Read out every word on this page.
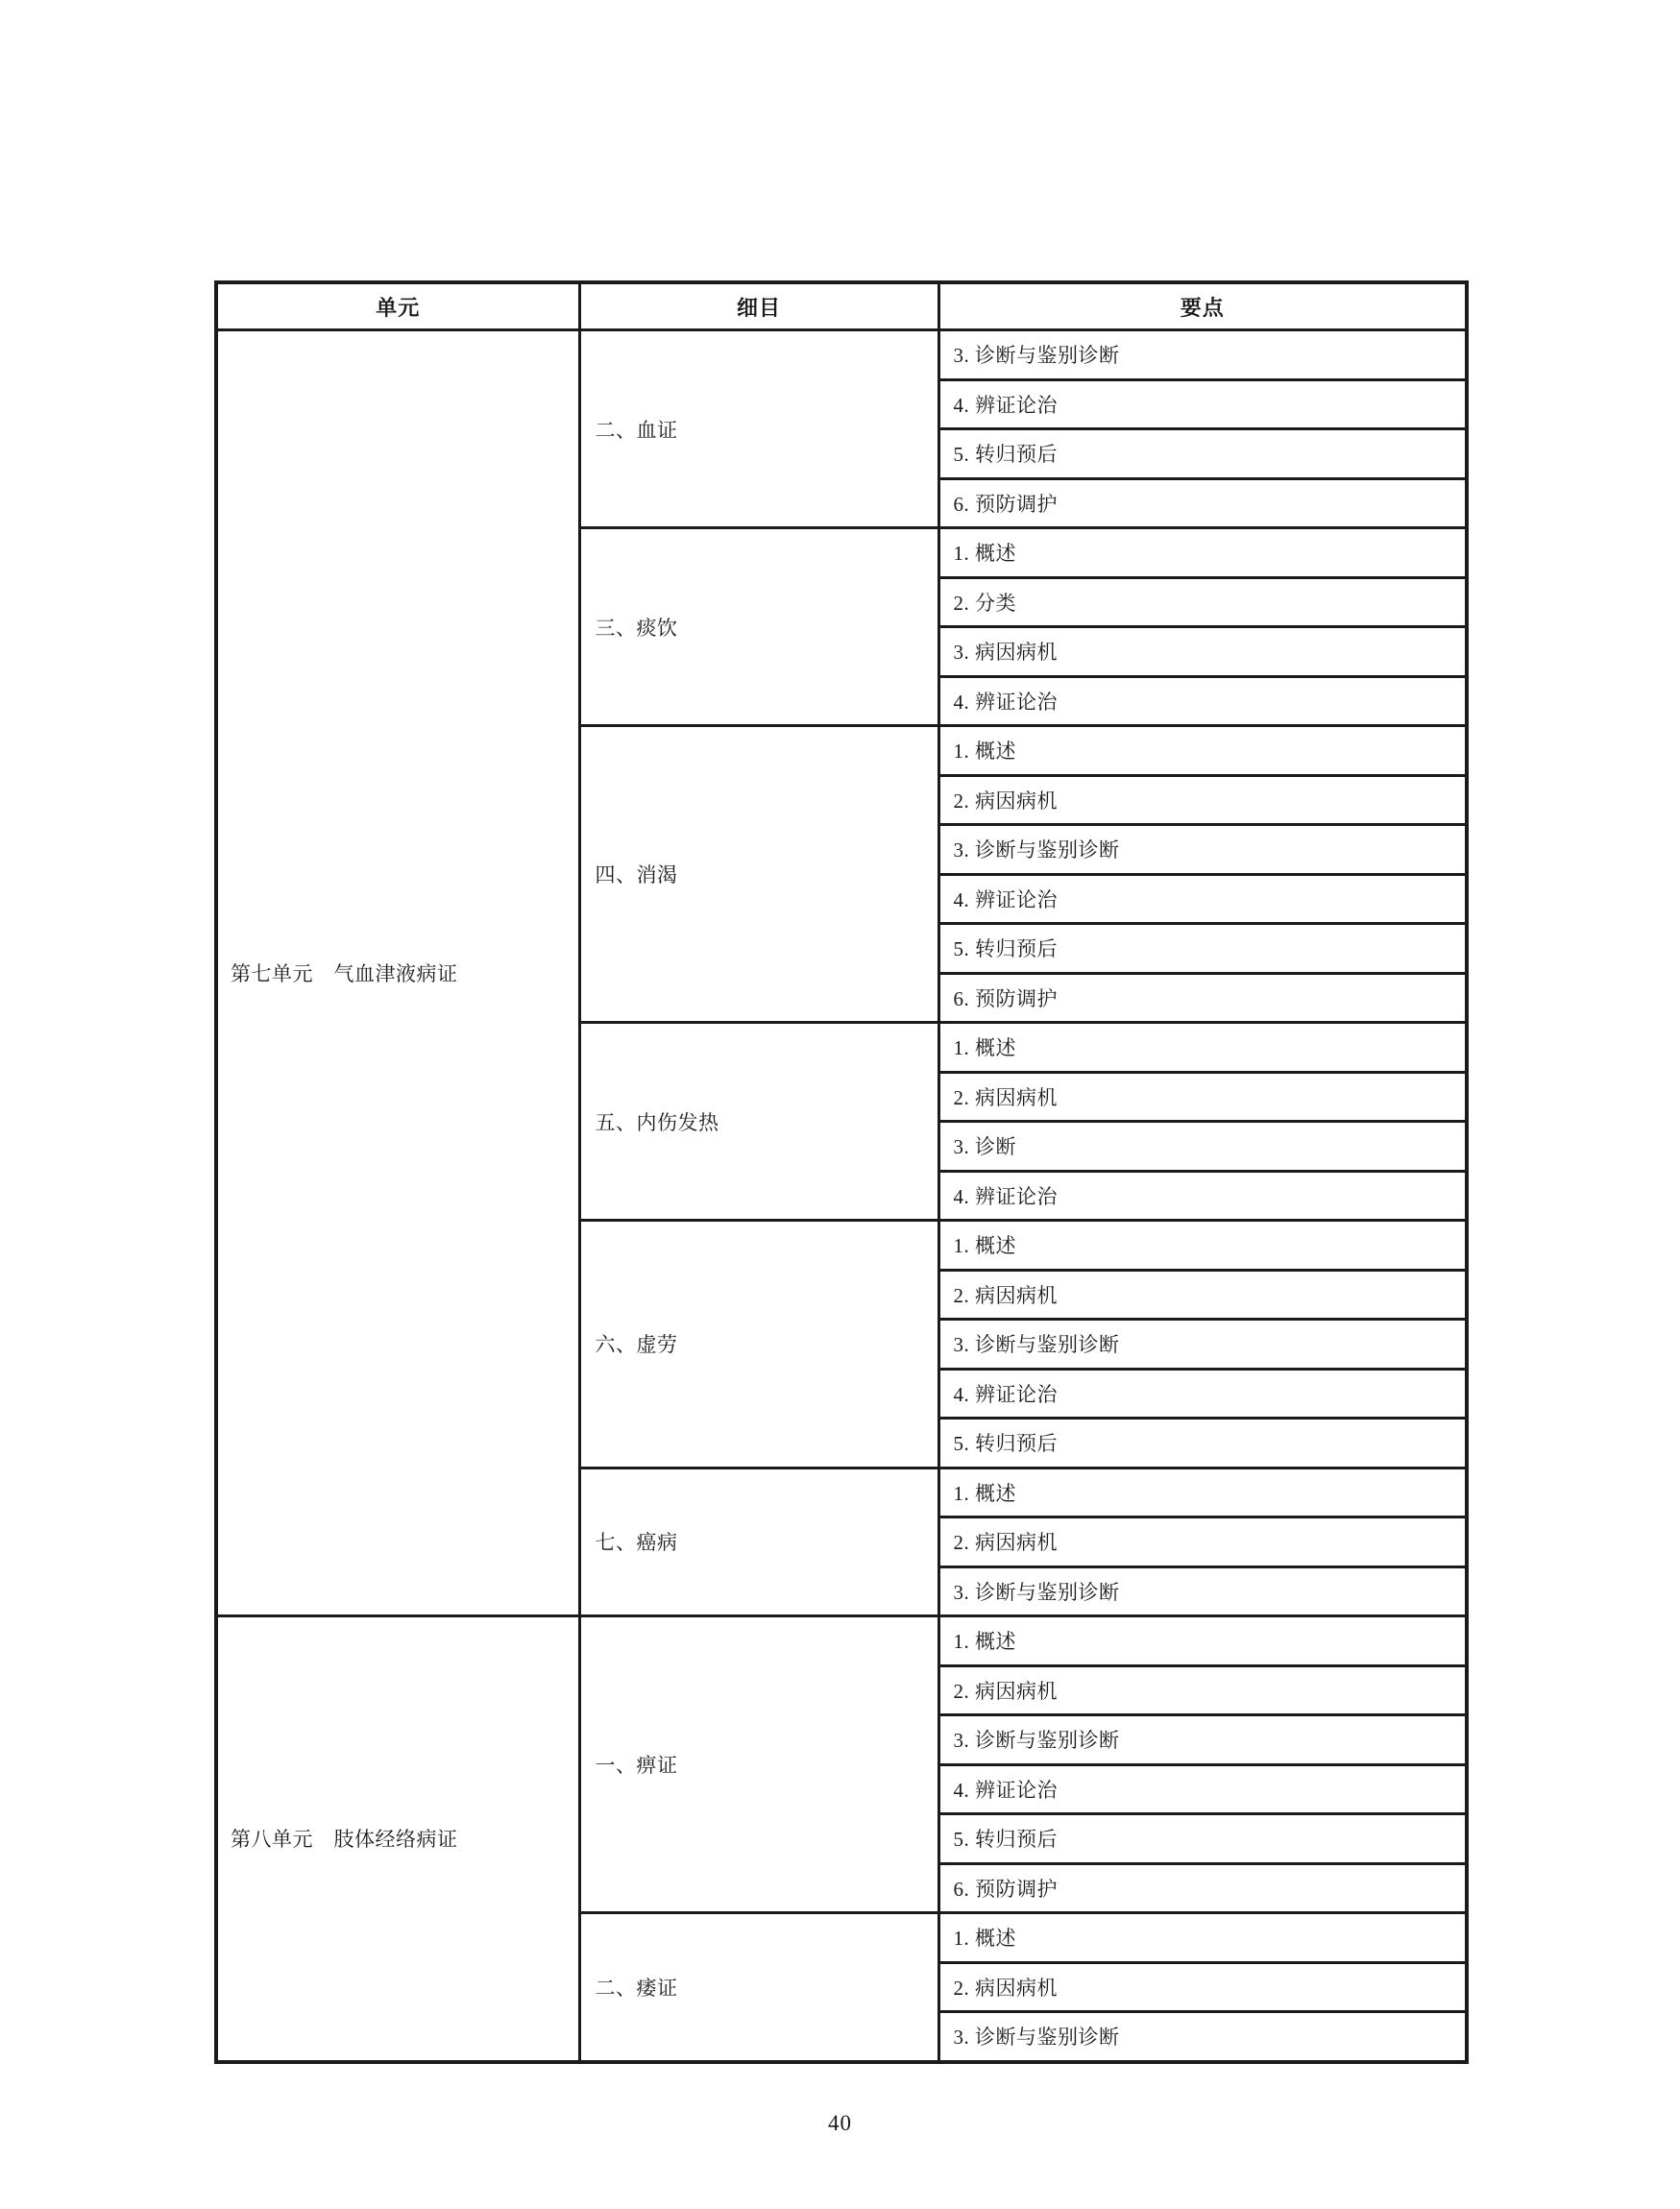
单元	细目	要点
第七单元　气血津液病证	二、血证	3. 诊断与鉴别诊断
		4. 辨证论治
		5. 转归预后
		6. 预防调护
	三、痰饮	1. 概述
		2. 分类
		3. 病因病机
		4. 辨证论治
	四、消渴	1. 概述
		2. 病因病机
		3. 诊断与鉴别诊断
		4. 辨证论治
		5. 转归预后
		6. 预防调护
	五、内伤发热	1. 概述
		2. 病因病机
		3. 诊断
		4. 辨证论治
	六、虚劳	1. 概述
		2. 病因病机
		3. 诊断与鉴别诊断
		4. 辨证论治
		5. 转归预后
	七、癌病	1. 概述
		2. 病因病机
		3. 诊断与鉴别诊断
第八单元　肢体经络病证	一、痹证	1. 概述
		2. 病因病机
		3. 诊断与鉴别诊断
		4. 辨证论治
		5. 转归预后
		6. 预防调护
	二、痿证	1. 概述
		2. 病因病机
		3. 诊断与鉴别诊断
40
